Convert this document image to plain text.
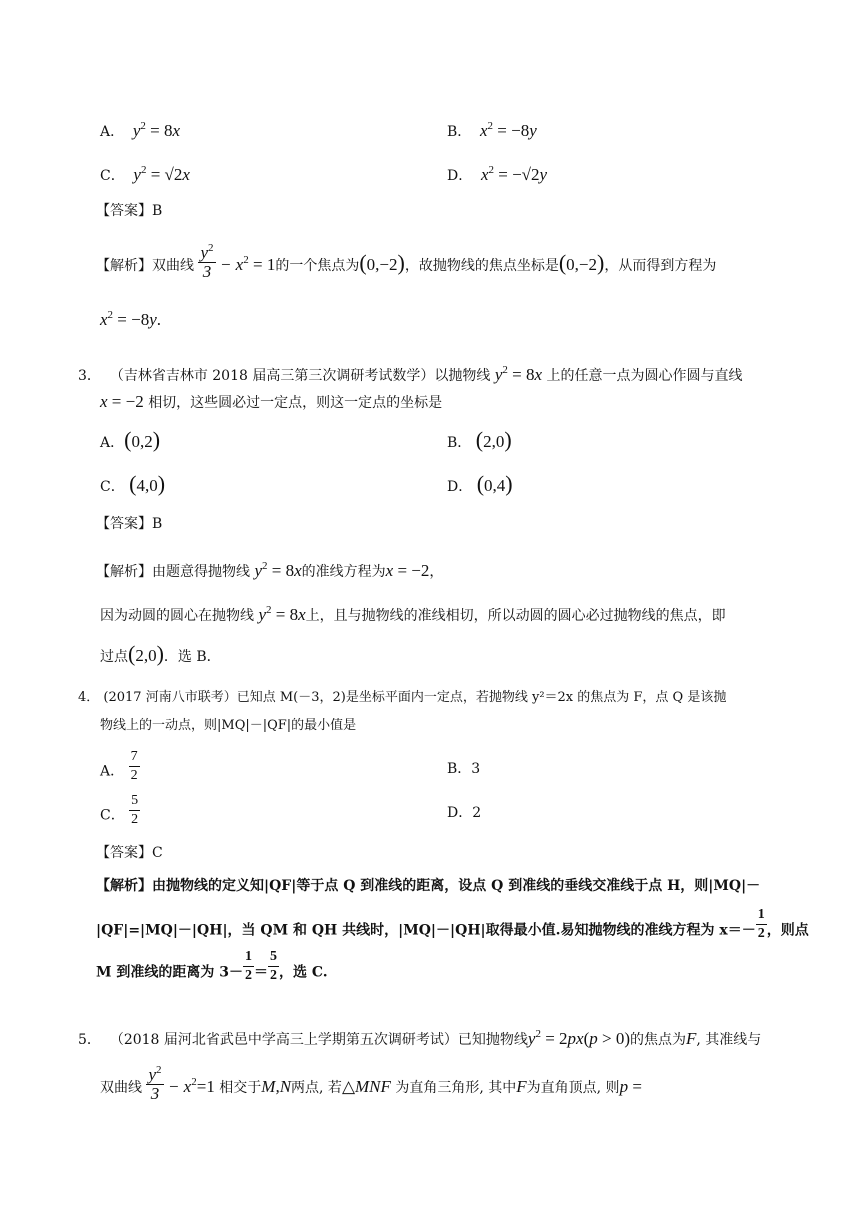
A．  $y^2 = 8x$	B．  $x^2 = -8y$
C．  $y^2 = √2x$	D．  $x^2 = -√2y$
【答案】B
【解析】双曲线 $\frac{y^2}{3} - x^2 = 1$的一个焦点为(0,−2)，故抛物线的焦点坐标是(0,−2)，从而得到方程为
$x^2 = -8y$.
3． （吉林省吉林市 2018 届高三第三次调研考试数学）以抛物线 $y^2 = 8x$ 上的任意一点为圆心作圆与直线
x = −2 相切，这些圆必过一定点，则这一定点的坐标是
A．(0,2)	B． (2,0)
C． (4,0)	D． (0,4)
【答案】B
【解析】由题意得抛物线 $y^2 = 8x$的准线方程为x = −2，
因为动圆的圆心在抛物线 $y^2 = 8x$上，且与抛物线的准线相切，所以动圆的圆心必过抛物线的焦点，即
过点(2,0)．选 B．
4． (2017 河南八市联考）已知点 M(－3，2)是坐标平面内一定点，若抛物线 y²＝2x 的焦点为 F，点 Q 是该抛
物线上的一动点，则|MQ|－|QF|的最小值是
A． $\frac{7}{2}$	B．3
C． $\frac{5}{2}$	D．2
【答案】C
【解析】由抛物线的定义知|QF|等于点 Q 到准线的距离，设点 Q 到准线的垂线交准线于点 H，则|MQ|－
|QF|=|MQ|－|QH|，当 QM 和 QH 共线时，|MQ|－|QH|取得最小值.易知抛物线的准线方程为 $x=- \frac{1}{2}$ ，则点
M 到准线的距离为 $3- \frac{1}{2} = \frac{5}{2}$ ，选 C.
5． （2018 届河北省武邑中学高三上学期第五次调研考试）已知抛物线$y^2 = 2px(p > 0)$的焦点为F, 其准线与
双曲线 $\frac{y^2}{3} - x^2=1$ 相交于M,N两点, 若△MNF 为直角三角形, 其中F为直角顶点, 则p =
